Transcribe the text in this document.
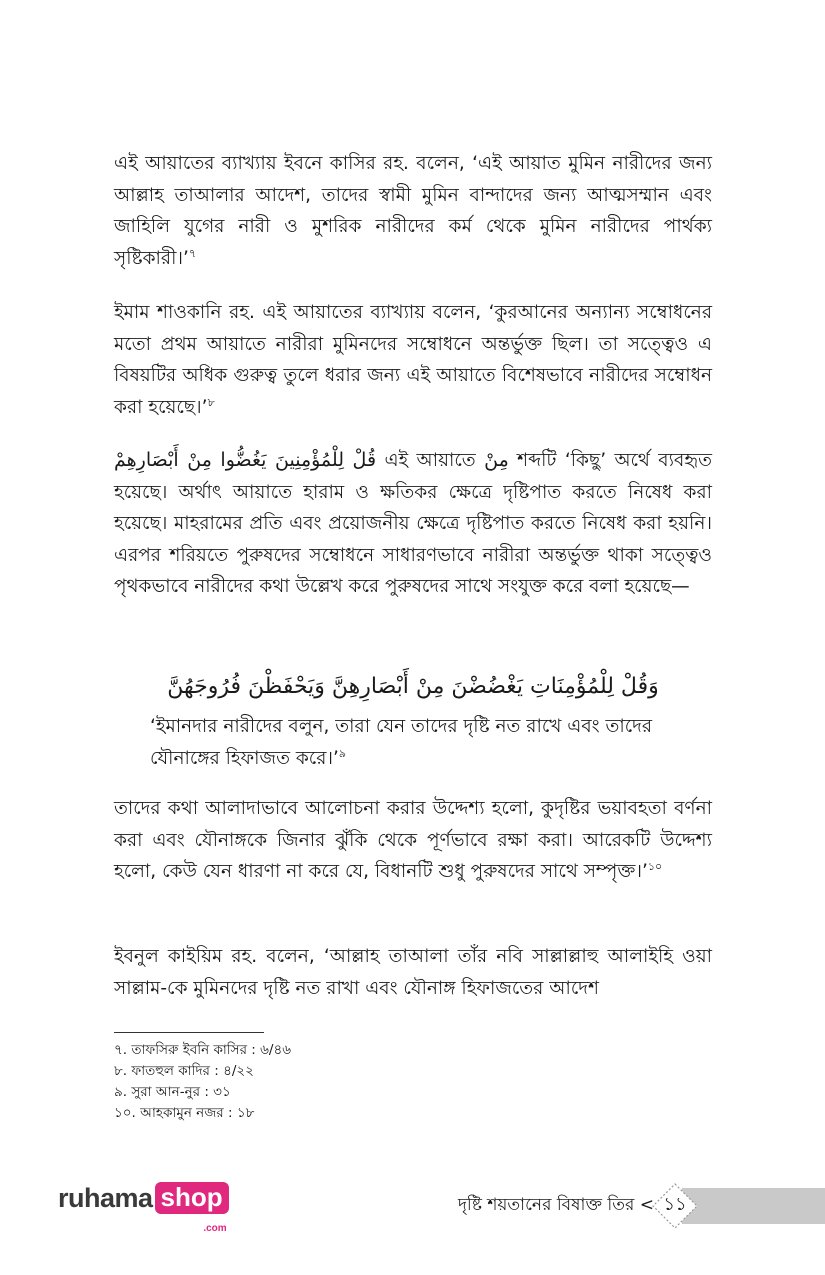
এই আয়াতের ব্যাখ্যায় ইবনে কাসির রহ. বলেন, ‘এই আয়াত মুমিন নারীদের জন্য আল্লাহ তাআলার আদেশ, তাদের স্বামী মুমিন বান্দাদের জন্য আত্মসম্মান এবং জাহিলি যুগের নারী ও মুশরিক নারীদের কর্ম থেকে মুমিন নারীদের পার্থক্য সৃষ্টিকারী।’$^৭$

ইমাম শাওকানি রহ. এই আয়াতের ব্যাখ্যায় বলেন, ‘কুরআনের অন্যান্য সম্বোধনের মতো প্রথম আয়াতে নারীরা মুমিনদের সম্বোধনে অন্তর্ভুক্ত ছিল। তা সত্ত্বেও এ বিষয়টির অধিক গুরুত্ব তুলে ধরার জন্য এই আয়াতে বিশেষভাবে নারীদের সম্বোধন করা হয়েছে।’$^৮$

قُلْ لِلْمُؤْمِنِينَ يَغُضُّوا مِنْ أَبْصَارِهِمْ এই আয়াতে مِنْ শব্দটি ‘কিছু’ অর্থে ব্যবহৃত হয়েছে। অর্থাৎ আয়াতে হারাম ও ক্ষতিকর ক্ষেত্রে দৃষ্টিপাত করতে নিষেধ করা হয়েছে। মাহরামের প্রতি এবং প্রয়োজনীয় ক্ষেত্রে দৃষ্টিপাত করতে নিষেধ করা হয়নি। এরপর শরিয়তে পুরুষদের সম্বোধনে সাধারণভাবে নারীরা অন্তর্ভুক্ত থাকা সত্ত্বেও পৃথকভাবে নারীদের কথা উল্লেখ করে পুরুষদের সাথে সংযুক্ত করে বলা হয়েছে—

وَقُلْ لِلْمُؤْمِنَاتِ يَغْضُضْنَ مِنْ أَبْصَارِهِنَّ وَيَحْفَظْنَ فُرُوجَهُنَّ

‘ইমানদার নারীদের বলুন, তারা যেন তাদের দৃষ্টি নত রাখে এবং তাদের যৌনাঙ্গের হিফাজত করে।’$^৯$

তাদের কথা আলাদাভাবে আলোচনা করার উদ্দেশ্য হলো, কুদৃষ্টির ভয়াবহতা বর্ণনা করা এবং যৌনাঙ্গকে জিনার ঝুঁকি থেকে পূর্ণভাবে রক্ষা করা। আরেকটি উদ্দেশ্য হলো, কেউ যেন ধারণা না করে যে, বিধানটি শুধু পুরুষদের সাথে সম্পৃক্ত।’$^{১০}$

ইবনুল কাইয়িম রহ. বলেন, ‘আল্লাহ তাআলা তাঁর নবি সাল্লাল্লাহু আলাইহি ওয়া সাল্লাম-কে মুমিনদের দৃষ্টি নত রাখা এবং যৌনাঙ্গ হিফাজতের আদেশ

৭. তাফসিরু ইবনি কাসির : ৬/৪৬
৮. ফাতহুল কাদির : ৪/২২
৯. সুরা আন-নুর : ৩১
১০. আহকামুন নজর : ১৮
ruhama shop
.com
দৃষ্টি শয়তানের বিষাক্ত তির < ১১
